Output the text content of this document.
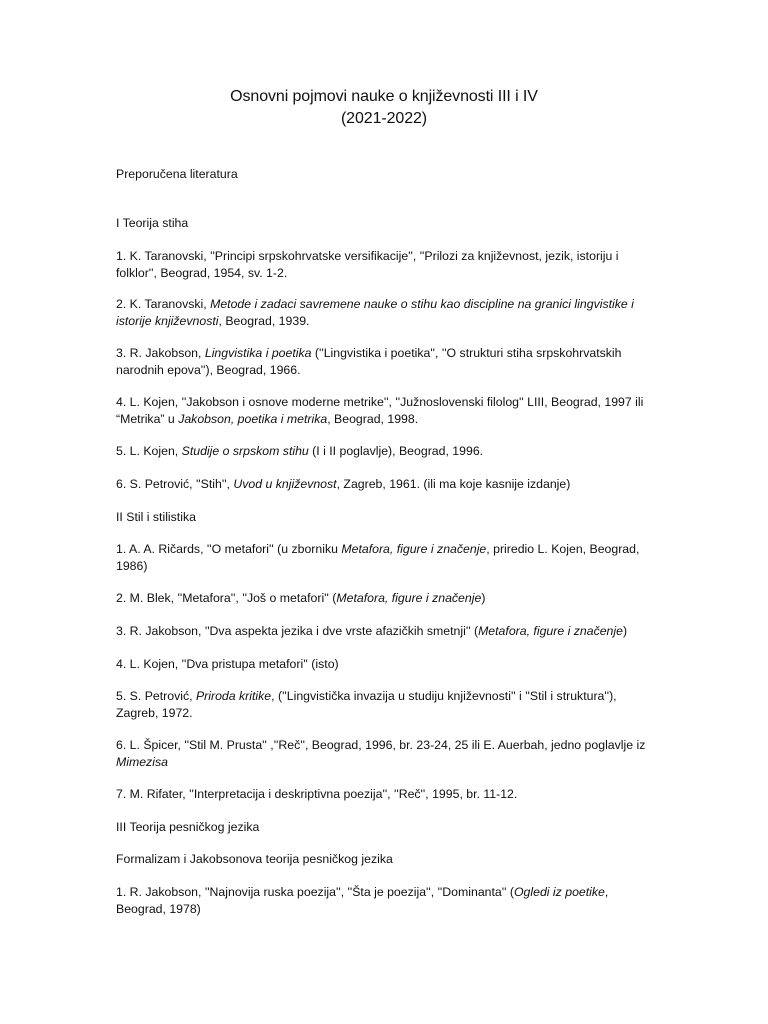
Osnovni pojmovi nauke o književnosti III i IV
(2021-2022)
Preporučena literatura
I Teorija stiha
1. K. Taranovski, ''Principi srpskohrvatske versifikacije'', ''Prilozi za književnost, jezik, istoriju i folklor'', Beograd, 1954, sv. 1-2.
2. K. Taranovski, Metode i zadaci savremene nauke o stihu kao discipline na granici lingvistike i istorije književnosti, Beograd, 1939.
3. R. Jakobson, Lingvistika i poetika (''Lingvistika i poetika'', ''O strukturi stiha srpskohrvatskih narodnih epova''), Beograd, 1966.
4. L. Kojen, ''Jakobson i osnove moderne metrike'', ''Južnoslovenski filolog'' LIII, Beograd, 1997 ili “Metrika” u Jakobson, poetika i metrika, Beograd, 1998.
5. L. Kojen, Studije o srpskom stihu (I i II poglavlje), Beograd, 1996.
6. S. Petrović, ''Stih'', Uvod u književnost, Zagreb, 1961. (ili ma koje kasnije izdanje)
II Stil i stilistika
1. A. A. Ričards, ''O metafori'' (u zborniku Metafora, figure i značenje, priredio L. Kojen, Beograd, 1986)
2. M. Blek, ''Metafora'', ''Još o metafori'' (Metafora, figure i značenje)
3. R. Jakobson, ''Dva aspekta jezika i dve vrste afazičkih smetnji'' (Metafora, figure i značenje)
4. L. Kojen, ''Dva pristupa metafori'' (isto)
5. S. Petrović, Priroda kritike, (''Lingvistička invazija u studiju književnosti'' i ''Stil i struktura''), Zagreb, 1972.
6. L. Špicer, ''Stil M. Prusta'' ,''Reč'', Beograd, 1996, br. 23-24, 25 ili E. Auerbah, jedno poglavlje iz Mimezisa
7. M. Rifater, ''Interpretacija i deskriptivna poezija'', ''Reč'', 1995, br. 11-12.
III Teorija pesničkog jezika
Formalizam i Jakobsonova teorija pesničkog jezika
1. R. Jakobson, ''Najnovija ruska poezija'', ''Šta je poezija'', ''Dominanta'' (Ogledi iz poetike, Beograd, 1978)
